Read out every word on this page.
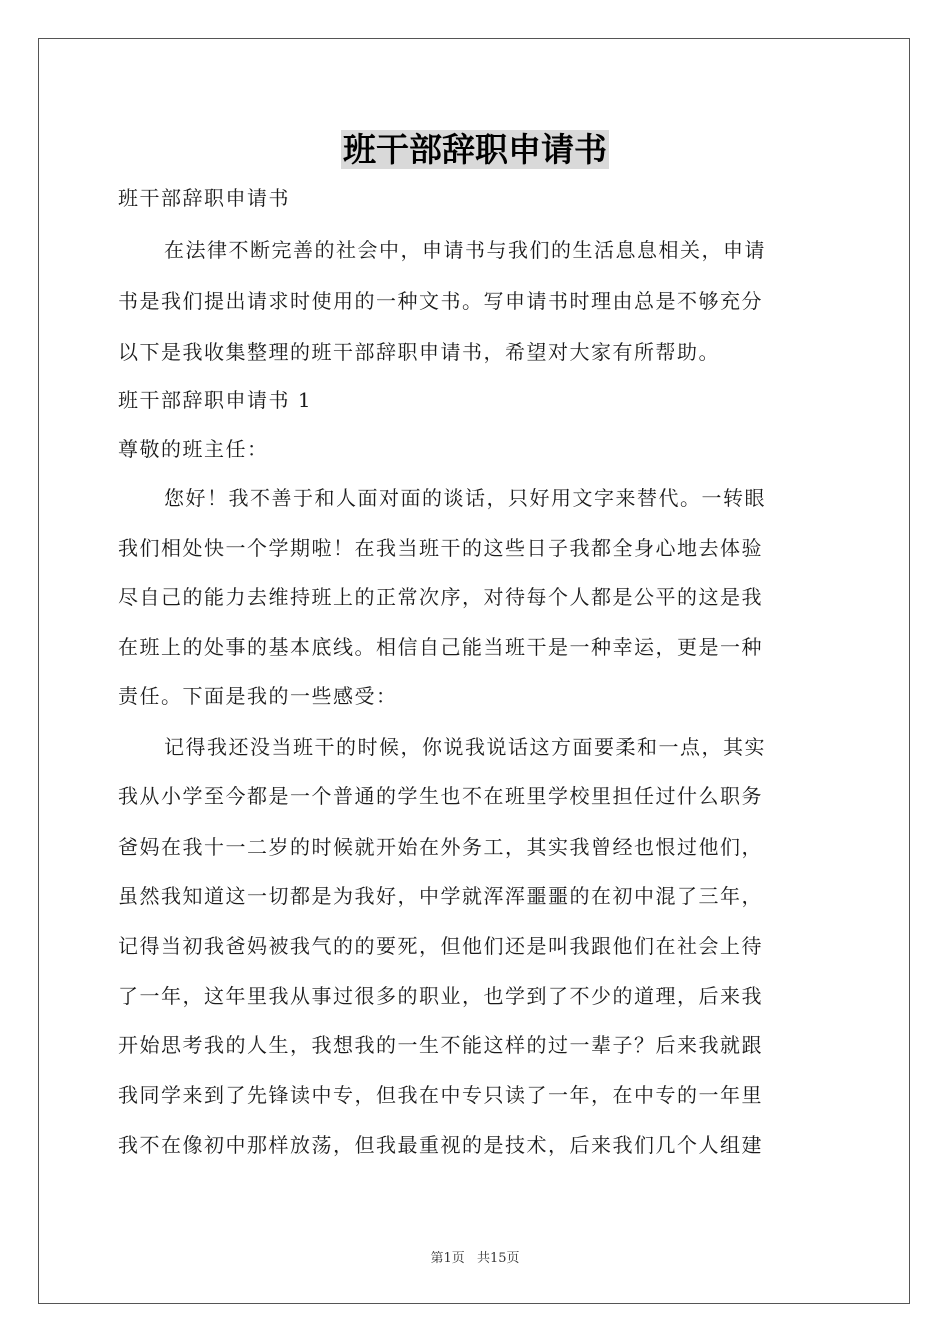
班干部辞职申请书
班干部辞职申请书
在法律不断完善的社会中，申请书与我们的生活息息相关，申请
书是我们提出请求时使用的一种文书。写申请书时理由总是不够充分
以下是我收集整理的班干部辞职申请书，希望对大家有所帮助。
班干部辞职申请书 1
尊敬的班主任：
您好！我不善于和人面对面的谈话，只好用文字来替代。一转眼
我们相处快一个学期啦！在我当班干的这些日子我都全身心地去体验
尽自己的能力去维持班上的正常次序，对待每个人都是公平的这是我
在班上的处事的基本底线。相信自己能当班干是一种幸运，更是一种
责任。下面是我的一些感受：
记得我还没当班干的时候，你说我说话这方面要柔和一点，其实
我从小学至今都是一个普通的学生也不在班里学校里担任过什么职务
爸妈在我十一二岁的时候就开始在外务工，其实我曾经也恨过他们，
虽然我知道这一切都是为我好，中学就浑浑噩噩的在初中混了三年，
记得当初我爸妈被我气的的要死，但他们还是叫我跟他们在社会上待
了一年，这年里我从事过很多的职业，也学到了不少的道理，后来我
开始思考我的人生，我想我的一生不能这样的过一辈子？后来我就跟
我同学来到了先锋读中专，但我在中专只读了一年，在中专的一年里
我不在像初中那样放荡，但我最重视的是技术，后来我们几个人组建
第1页 共15页
